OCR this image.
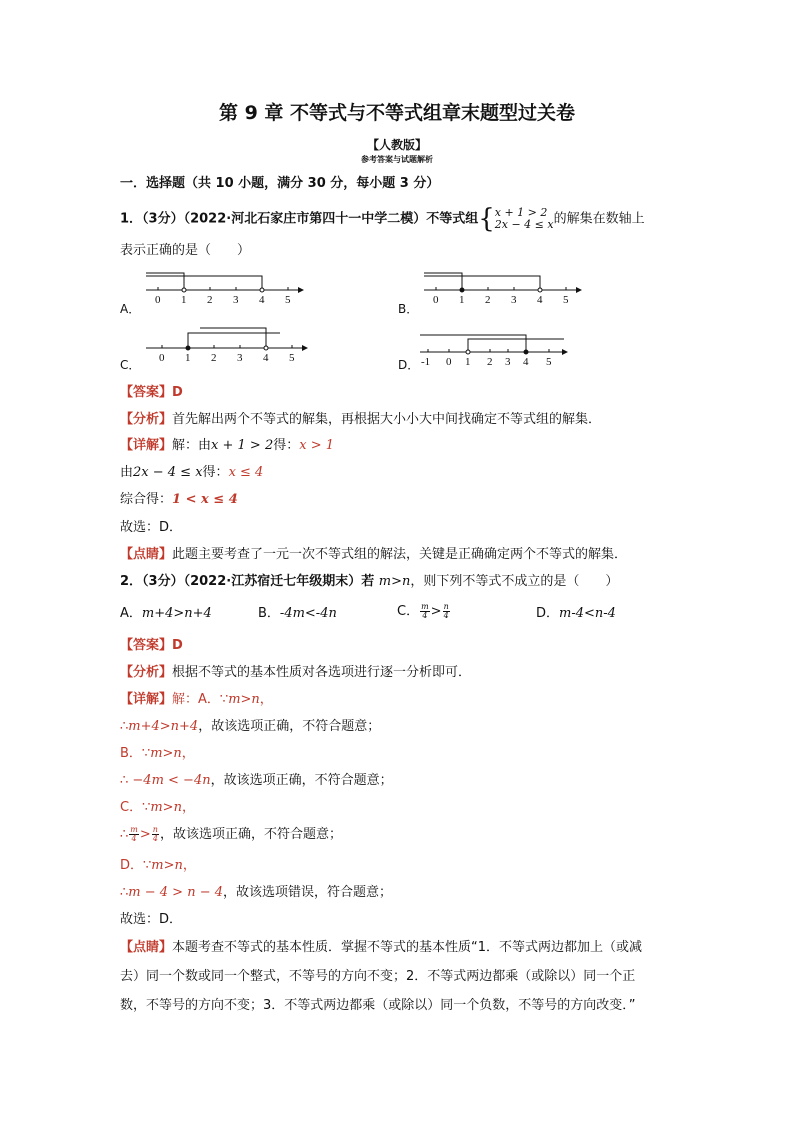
第 9 章 不等式与不等式组章末题型过关卷
【人教版】
参考答案与试题解析
一．选择题（共 10 小题，满分 30 分，每小题 3 分）
1．（3分）（2022·河北石家庄市第四十一中学二模）不等式组{ x + 1 > 2
2x − 4 ≤ x 的解集在数轴上
表示正确的是（　　）
A．
0 1 2 3 4 5
B．
0 1 2 3 4 5
C． 0 1 2 3 4 5	D． -1 0 1 2 3 4 5
【答案】D
【分析】首先解出两个不等式的解集，再根据大小小大中间找确定不等式组的解集．
【详解】解：由x + 1 > 2得：x > 1
由2x − 4 ≤ x得：x ≤ 4
综合得：1 < x ≤ 4
故选：D．
【点睛】此题主要考查了一元一次不等式组的解法，关键是正确确定两个不等式的解集．
2．（3分）（2022·江苏宿迁七年级期末）若 m>n，则下列不等式不成立的是（　　）
A．m+4>n+4	B．-4m<-4n	C． $\frac{m}{4} > \frac{n}{4}$	D．m-4<n-4
【答案】D
【分析】根据不等式的基本性质对各选项进行逐一分析即可．
【详解】解：A．∵m>n，
∴m+4>n+4，故该选项正确，不符合题意；
B．∵m>n，
∴ −4m < −4n，故该选项正确，不符合题意；
C．∵m>n，
∴ $\frac{m}{4} > \frac{n}{4}$ ，故该选项正确，不符合题意；
D．∵m>n，
∴m − 4 > n − 4，故该选项错误，符合题意；
故选：D．
【点睛】本题考查不等式的基本性质．掌握不等式的基本性质“1．不等式两边都加上（或减
去）同一个数或同一个整式，不等号的方向不变；2．不等式两边都乘（或除以）同一个正
数，不等号的方向不变；3．不等式两边都乘（或除以）同一个负数，不等号的方向改变．”
